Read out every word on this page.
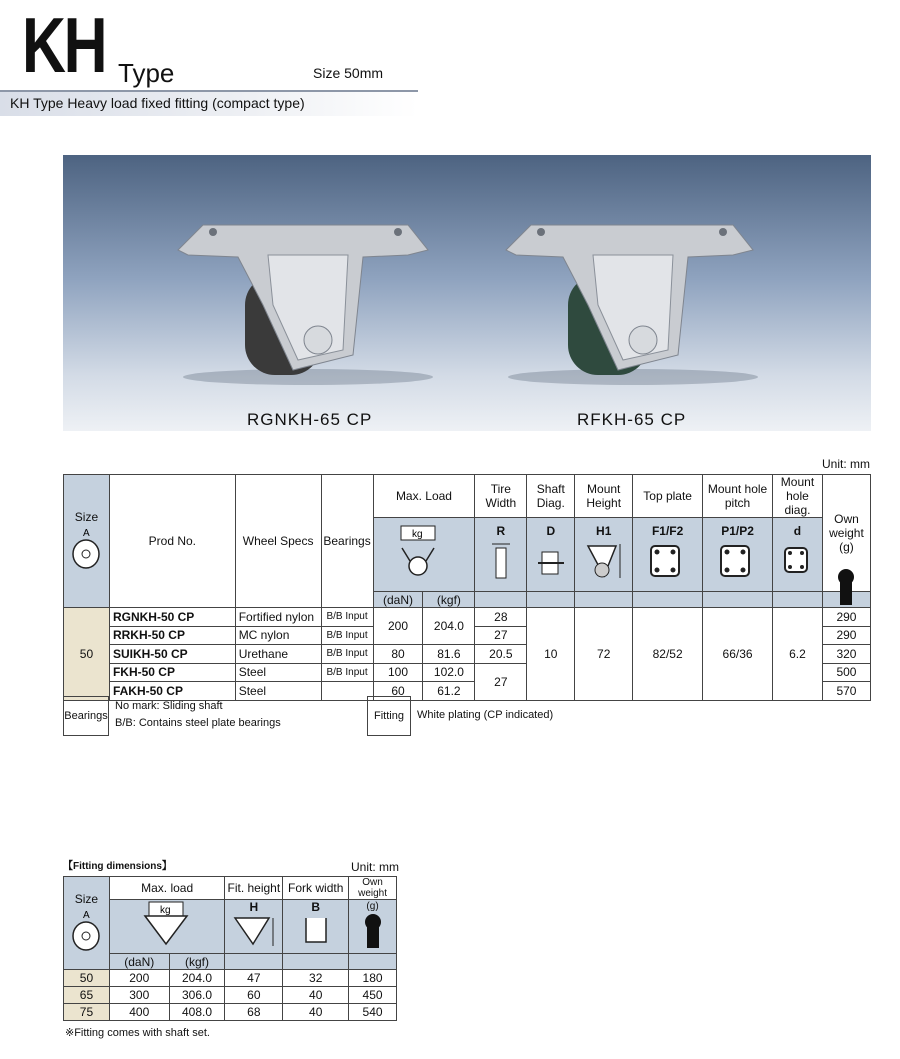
KH Type	Size 50mm
KH Type Heavy load fixed fitting (compact type)
RGNKH-65 CP	RFKH-65 CP
Unit: mm
Size
A	Prod No.	Wheel Specs	Bearings	Max. Load		Tire Width	Shaft Diag.	Mount Height	Top plate	Mount hole pitch	Mount hole diag.	Own weight (g)

kg		R	D	H1	F1/F2	P1/P2	d	

				(daN)	(kgf)							

50	RGNKH-50 CP	Fortified nylon	B/B Input	200	204.0	28	10	72	82/52	66/36	6.2	290
	RRKH-50 CP	MC nylon	B/B Input			27						290
	SUIKH-50 CP	Urethane	B/B Input	80	81.6	20.5						320
	FKH-50 CP	Steel	B/B Input	100	102.0	27						500
	FAKH-50 CP	Steel		60	61.2							570
Bearings
No mark: Sliding shaft
B/B: Contains steel plate bearings
Fitting	White plating (CP indicated)
【Fitting dimensions】	Unit: mm
Size
A	Max. load		Fit. height	Fork width	Own weight

kg		H	B	(g)

	(daN)	(kgf)			
50	200	204.0	47	32	180
65	300	306.0	60	40	450
75	400	408.0	68	40	540
※Fitting comes with shaft set.
